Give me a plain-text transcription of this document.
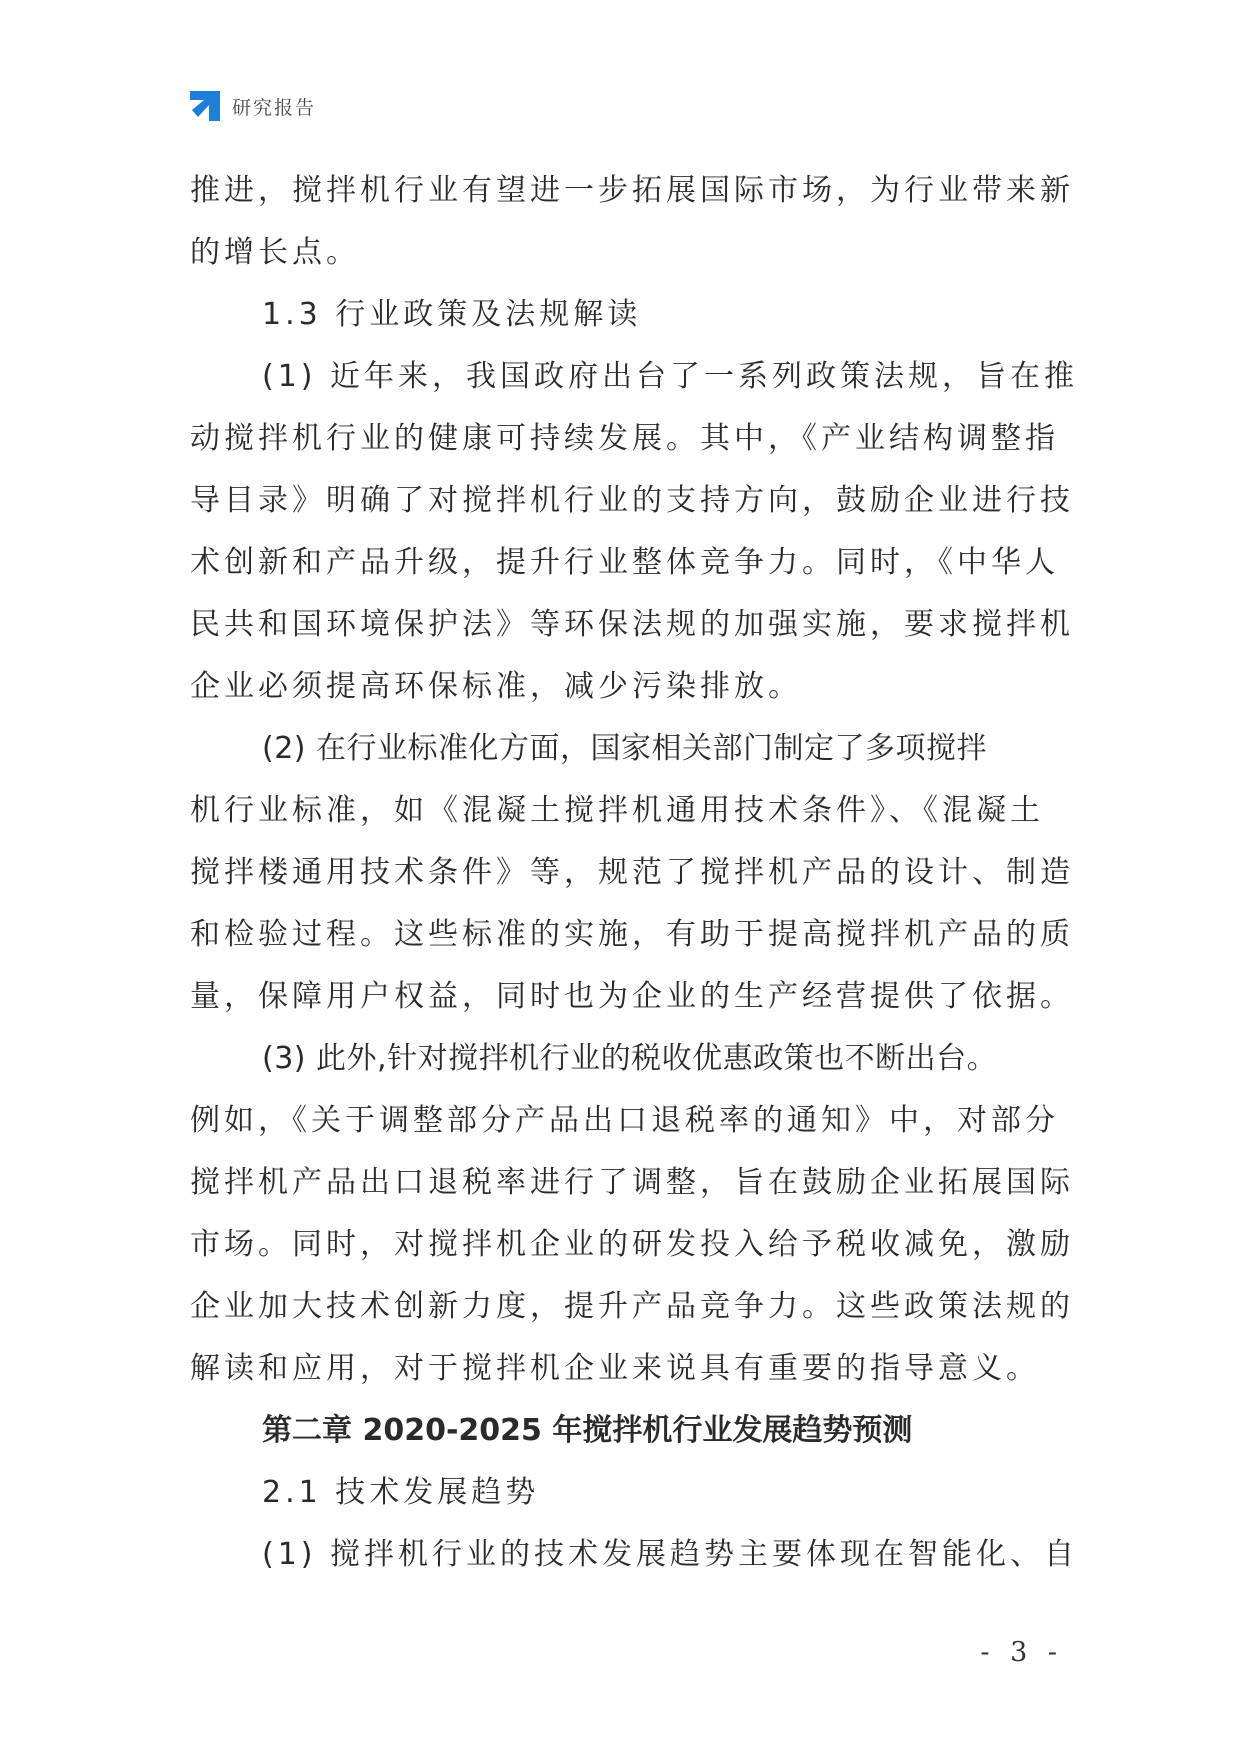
研究报告
推进，搅拌机行业有望进一步拓展国际市场，为行业带来新
的增长点。
1.3 行业政策及法规解读
(1) 近年来，我国政府出台了一系列政策法规，旨在推
动搅拌机行业的健康可持续发展。其中，《产业结构调整指
导目录》明确了对搅拌机行业的支持方向，鼓励企业进行技
术创新和产品升级，提升行业整体竞争力。同时，《中华人
民共和国环境保护法》等环保法规的加强实施，要求搅拌机
企业必须提高环保标准，减少污染排放。
(2) 在行业标准化方面，国家相关部门制定了多项搅拌
机行业标准，如《混凝土搅拌机通用技术条件》、《混凝土
搅拌楼通用技术条件》等，规范了搅拌机产品的设计、制造
和检验过程。这些标准的实施，有助于提高搅拌机产品的质
量，保障用户权益，同时也为企业的生产经营提供了依据。
(3) 此外,针对搅拌机行业的税收优惠政策也不断出台。
例如，《关于调整部分产品出口退税率的通知》中，对部分
搅拌机产品出口退税率进行了调整，旨在鼓励企业拓展国际
市场。同时，对搅拌机企业的研发投入给予税收减免，激励
企业加大技术创新力度，提升产品竞争力。这些政策法规的
解读和应用，对于搅拌机企业来说具有重要的指导意义。
第二章 2020-2025 年搅拌机行业发展趋势预测
2.1 技术发展趋势
(1) 搅拌机行业的技术发展趋势主要体现在智能化、自
- 3 -
